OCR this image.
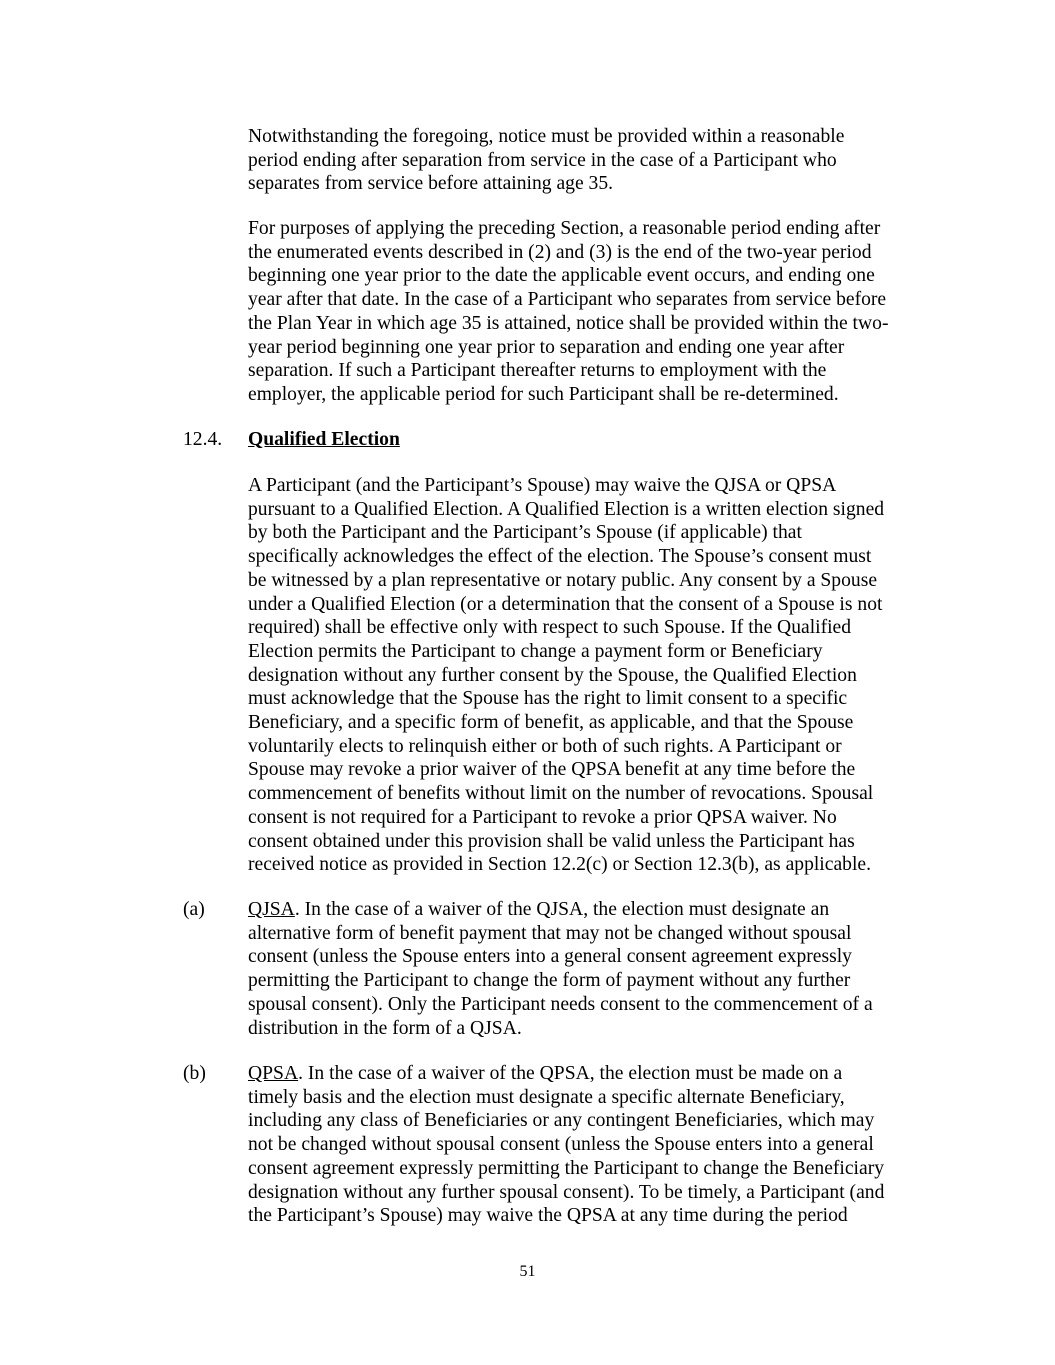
Notwithstanding the foregoing, notice must be provided within a reasonable
period ending after separation from service in the case of a Participant who
separates from service before attaining age 35.
For purposes of applying the preceding Section, a reasonable period ending after
the enumerated events described in (2) and (3) is the end of the two-year period
beginning one year prior to the date the applicable event occurs, and ending one
year after that date. In the case of a Participant who separates from service before
the Plan Year in which age 35 is attained, notice shall be provided within the two-
year period beginning one year prior to separation and ending one year after
separation. If such a Participant thereafter returns to employment with the
employer, the applicable period for such Participant shall be re-determined.
12.4. Qualified Election
A Participant (and the Participant’s Spouse) may waive the QJSA or QPSA
pursuant to a Qualified Election. A Qualified Election is a written election signed
by both the Participant and the Participant’s Spouse (if applicable) that
specifically acknowledges the effect of the election. The Spouse’s consent must
be witnessed by a plan representative or notary public. Any consent by a Spouse
under a Qualified Election (or a determination that the consent of a Spouse is not
required) shall be effective only with respect to such Spouse. If the Qualified
Election permits the Participant to change a payment form or Beneficiary
designation without any further consent by the Spouse, the Qualified Election
must acknowledge that the Spouse has the right to limit consent to a specific
Beneficiary, and a specific form of benefit, as applicable, and that the Spouse
voluntarily elects to relinquish either or both of such rights. A Participant or
Spouse may revoke a prior waiver of the QPSA benefit at any time before the
commencement of benefits without limit on the number of revocations. Spousal
consent is not required for a Participant to revoke a prior QPSA waiver. No
consent obtained under this provision shall be valid unless the Participant has
received notice as provided in Section 12.2(c) or Section 12.3(b), as applicable.
(a) QJSA. In the case of a waiver of the QJSA, the election must designate an
alternative form of benefit payment that may not be changed without spousal
consent (unless the Spouse enters into a general consent agreement expressly
permitting the Participant to change the form of payment without any further
spousal consent). Only the Participant needs consent to the commencement of a
distribution in the form of a QJSA.
(b) QPSA. In the case of a waiver of the QPSA, the election must be made on a
timely basis and the election must designate a specific alternate Beneficiary,
including any class of Beneficiaries or any contingent Beneficiaries, which may
not be changed without spousal consent (unless the Spouse enters into a general
consent agreement expressly permitting the Participant to change the Beneficiary
designation without any further spousal consent). To be timely, a Participant (and
the Participant’s Spouse) may waive the QPSA at any time during the period
51
